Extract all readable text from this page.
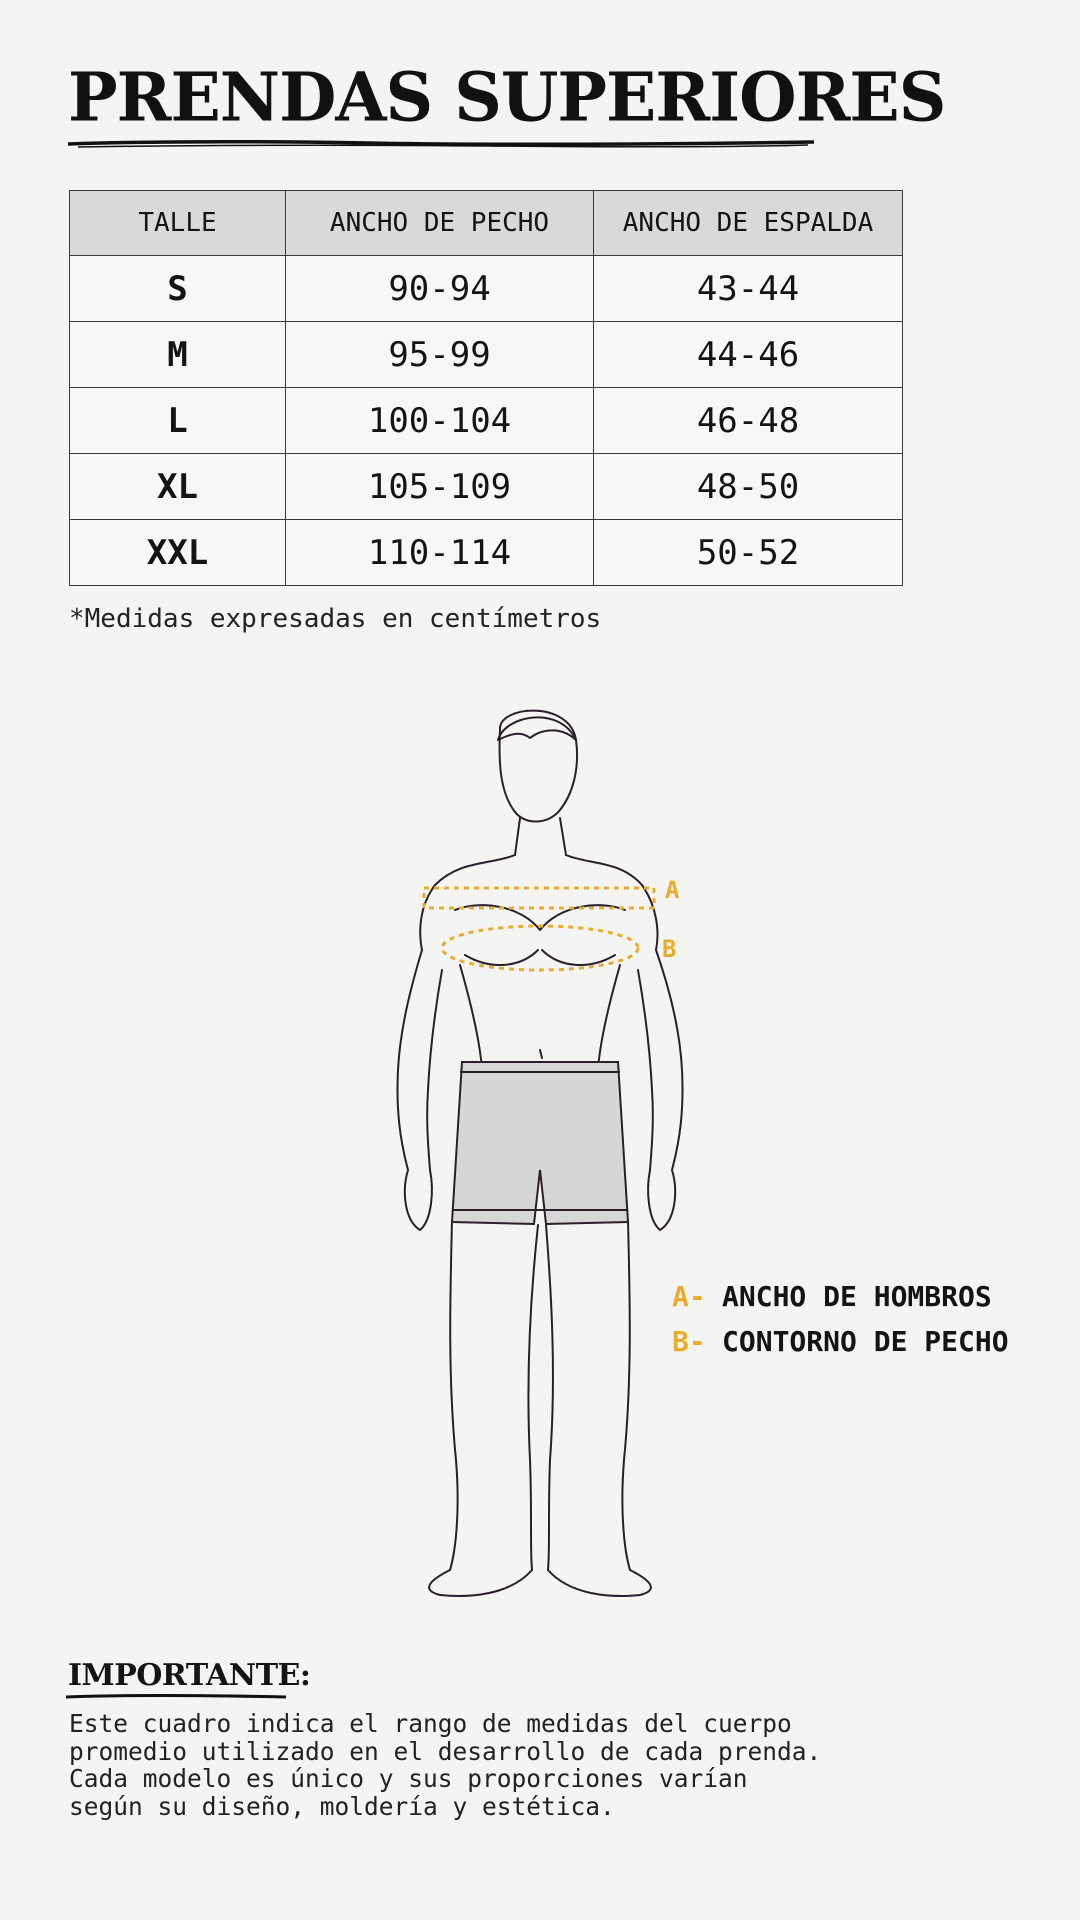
PRENDAS SUPERIORES
TALLE	ANCHO DE PECHO	ANCHO DE ESPALDA
S	90-94	43-44
M	95-99	44-46
L	100-104	46-48
XL	105-109	48-50
XXL	110-114	50-52
*Medidas expresadas en centímetros
A
B
A- ANCHO DE HOMBROS
B- CONTORNO DE PECHO
IMPORTANTE:

Este cuadro indica el rango de medidas del cuerpo
promedio utilizado en el desarrollo de cada prenda.
Cada modelo es único y sus proporciones varían
según su diseño, moldería y estética.
